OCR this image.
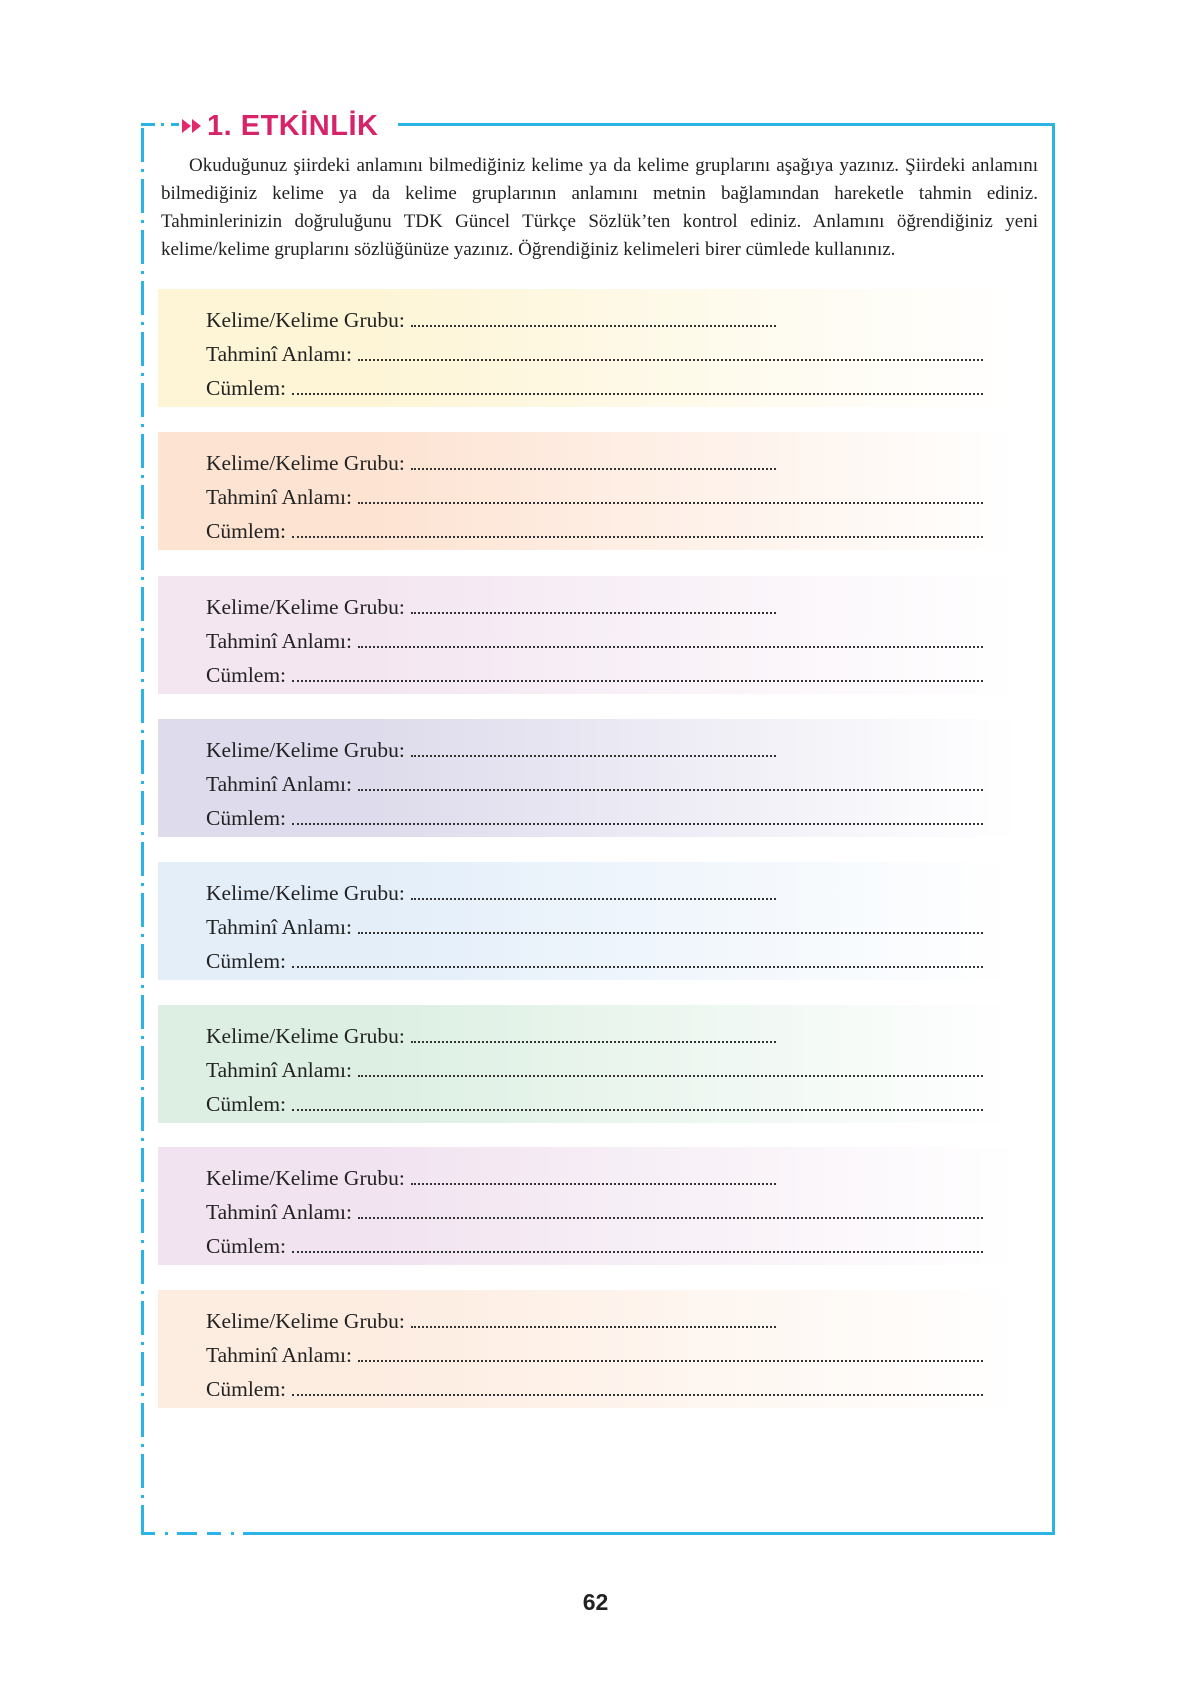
1. ETKİNLİK

Okuduğunuz şiirdeki anlamını bilmediğiniz kelime ya da kelime gruplarını aşağıya yazınız. Şiirdeki anlamını bilmediğiniz kelime ya da kelime gruplarının anlamını metnin bağlamından hareketle tahmin ediniz. Tahminlerinizin doğruluğunu TDK Güncel Türkçe Sözlük’ten kontrol ediniz. Anlamını öğrendiğiniz yeni kelime/kelime gruplarını sözlüğünüze yazınız. Öğrendiğiniz kelimeleri birer cümlede kullanınız.

Kelime/Kelime Grubu:
Tahminî Anlamı:
Cümlem:
Kelime/Kelime Grubu:
Tahminî Anlamı:
Cümlem:
Kelime/Kelime Grubu:
Tahminî Anlamı:
Cümlem:
Kelime/Kelime Grubu:
Tahminî Anlamı:
Cümlem:
Kelime/Kelime Grubu:
Tahminî Anlamı:
Cümlem:
Kelime/Kelime Grubu:
Tahminî Anlamı:
Cümlem:
Kelime/Kelime Grubu:
Tahminî Anlamı:
Cümlem:
Kelime/Kelime Grubu:
Tahminî Anlamı:
Cümlem:
62
